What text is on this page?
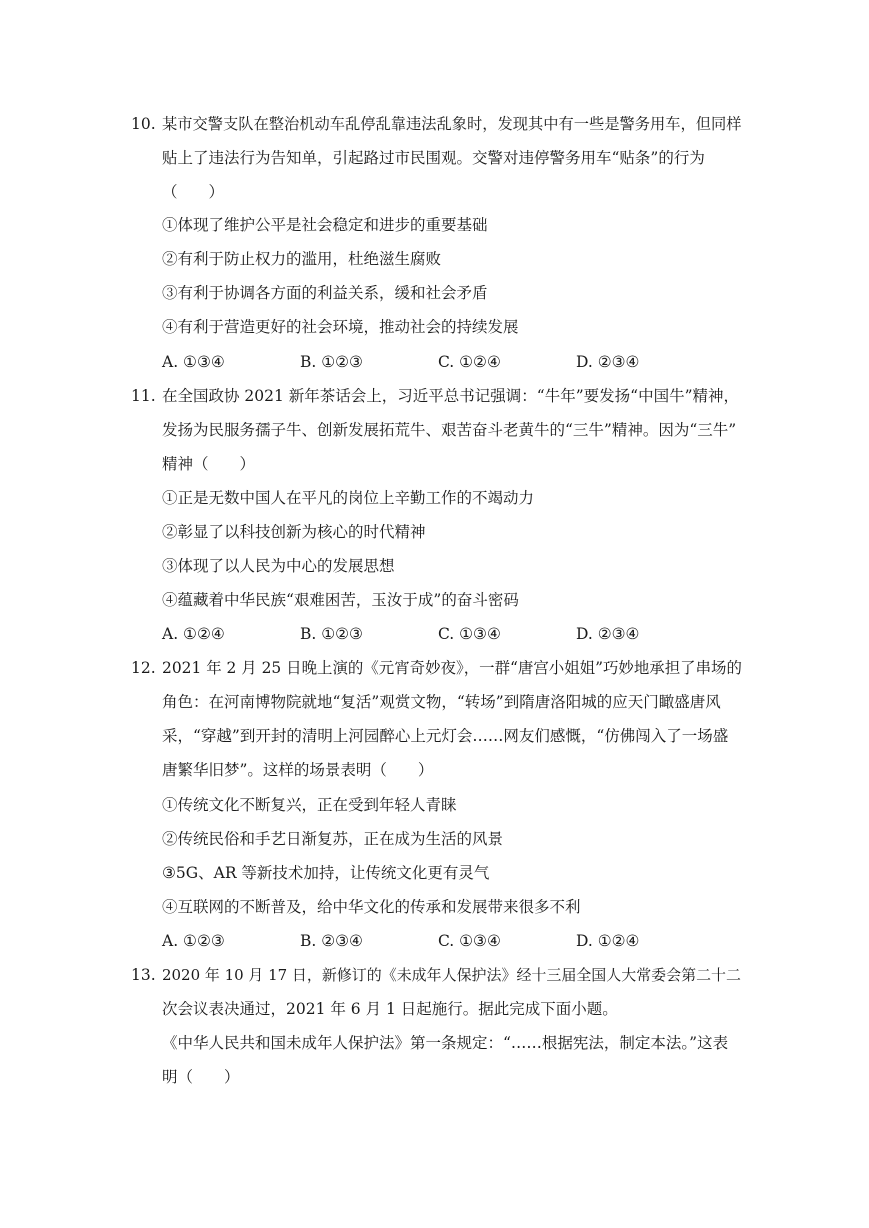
10. 某市交警支队在整治机动车乱停乱靠违法乱象时，发现其中有一些是警务用车，但同样
贴上了违法行为告知单，引起路过市民围观。交警对违停警务用车“贴条”的行为
（　　）
①体现了维护公平是社会稳定和进步的重要基础
②有利于防止权力的滥用，杜绝滋生腐败
③有利于协调各方面的利益关系，缓和社会矛盾
④有利于营造更好的社会环境，推动社会的持续发展
A. ①③④	B. ①②③	C. ①②④	D. ②③④
11. 在全国政协 2021 新年茶话会上，习近平总书记强调：“牛年”要发扬“中国牛”精神，
发扬为民服务孺子牛、创新发展拓荒牛、艰苦奋斗老黄牛的“三牛”精神。因为“三牛”
精神（　　）
①正是无数中国人在平凡的岗位上辛勤工作的不竭动力
②彰显了以科技创新为核心的时代精神
③体现了以人民为中心的发展思想
④蕴藏着中华民族“艰难困苦，玉汝于成”的奋斗密码
A. ①②④	B. ①②③	C. ①③④	D. ②③④
12. 2021 年 2 月 25 日晚上演的《元宵奇妙夜》，一群“唐宫小姐姐”巧妙地承担了串场的
角色：在河南博物院就地“复活”观赏文物，“转场”到隋唐洛阳城的应天门瞰盛唐风
采，“穿越”到开封的清明上河园醉心上元灯会……网友们感慨，“仿佛闯入了一场盛
唐繁华旧梦”。这样的场景表明（　　）
①传统文化不断复兴，正在受到年轻人青睐
②传统民俗和手艺日渐复苏，正在成为生活的风景
③5G、AR 等新技术加持，让传统文化更有灵气
④互联网的不断普及，给中华文化的传承和发展带来很多不利
A. ①②③	B. ②③④	C. ①③④	D. ①②④
13. 2020 年 10 月 17 日，新修订的《未成年人保护法》经十三届全国人大常委会第二十二
次会议表决通过，2021 年 6 月 1 日起施行。据此完成下面小题。
《中华人民共和国未成年人保护法》第一条规定：“……根据宪法，制定本法。”这表
明（　　）
